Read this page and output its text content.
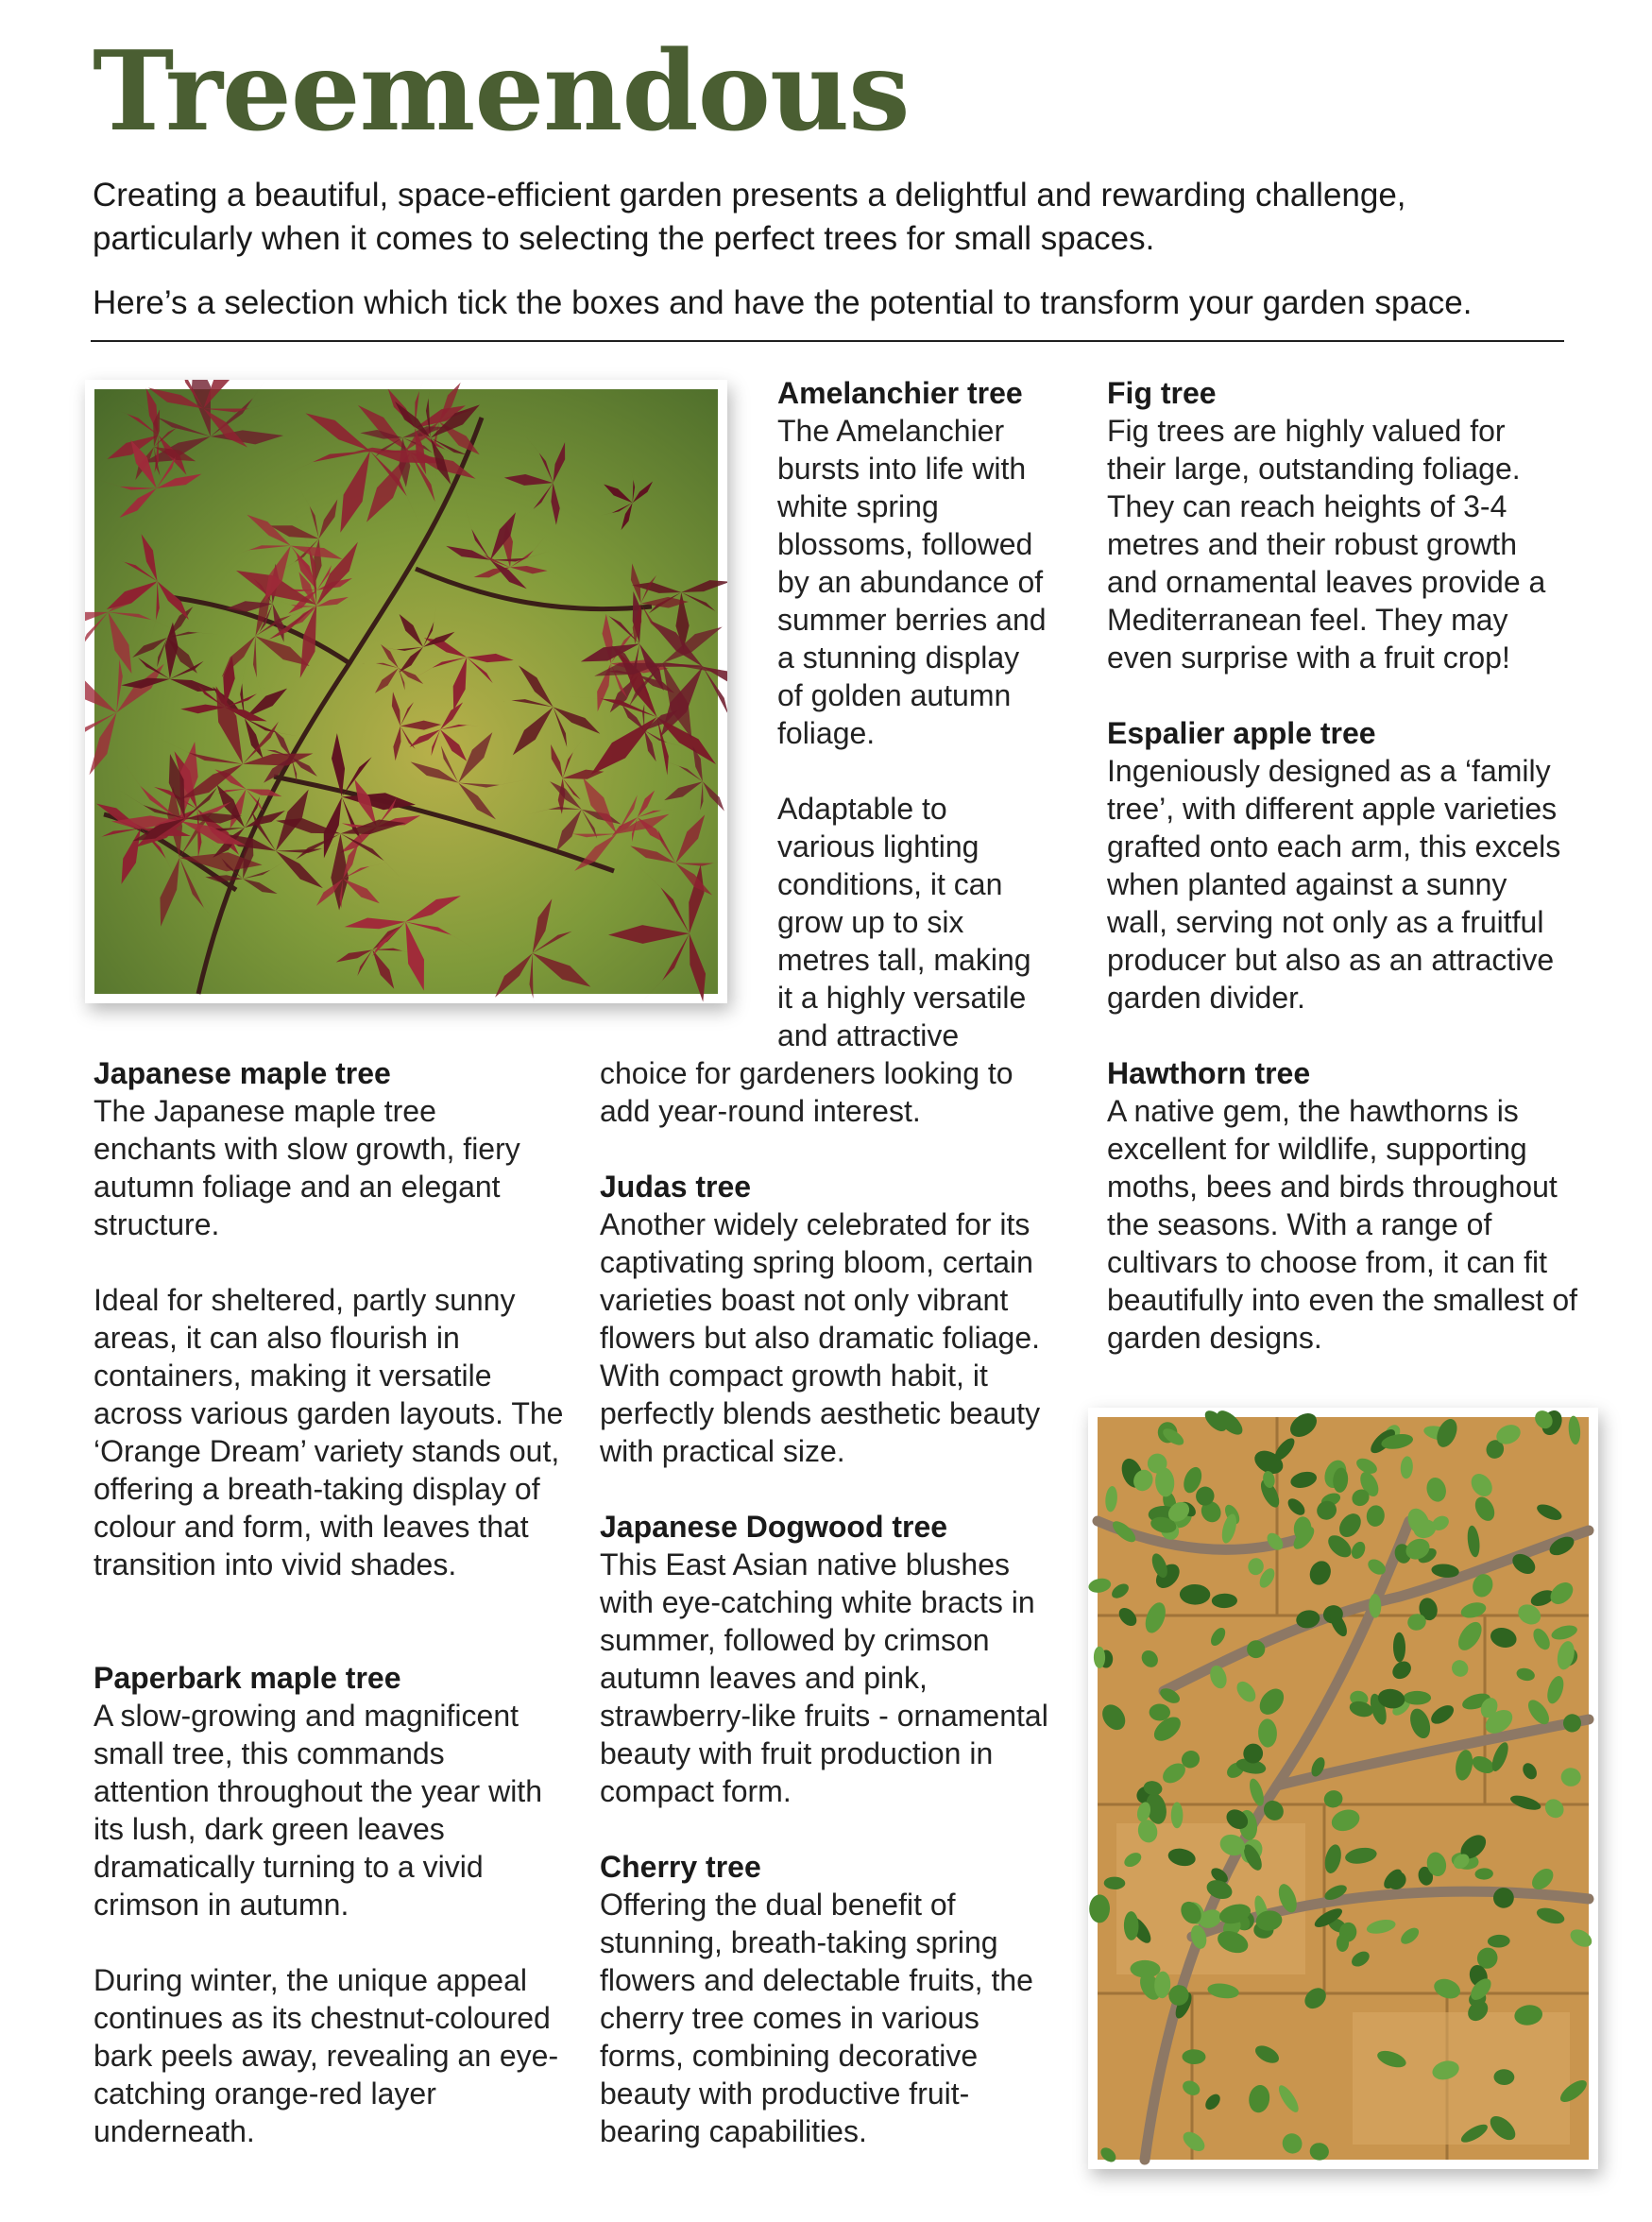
Treemendous

Creating a beautiful, space-efficient garden presents a delightful and rewarding challenge, particularly when it comes to selecting the perfect trees for small spaces.

Here’s a selection which tick the boxes and have the potential to transform your garden space.

Japanese maple tree

The Japanese maple tree enchants with slow growth, fiery autumn foliage and an elegant structure.

Ideal for sheltered, partly sunny areas, it can also flourish in containers, making it versatile across various garden layouts. The ‘Orange Dream’ variety stands out, offering a breath-taking display of colour and form, with leaves that transition into vivid shades.

Paperbark maple tree

A slow-growing and magnificent small tree, this commands attention throughout the year with its lush, dark green leaves dramatically turning to a vivid crimson in autumn.

During winter, the unique appeal continues as its chestnut-coloured bark peels away, revealing an eye-catching orange-red layer underneath.

Amelanchier tree

The Amelanchier bursts into life with white spring blossoms, followed by an abundance of summer berries and a stunning display of golden autumn foliage.

Adaptable to various lighting conditions, it can grow up to six metres tall, making it a highly versatile and attractive

choice for gardeners looking to add year-round interest.

Judas tree

Another widely celebrated for its captivating spring bloom, certain varieties boast not only vibrant flowers but also dramatic foliage. With compact growth habit, it perfectly blends aesthetic beauty with practical size.

Japanese Dogwood tree

This East Asian native blushes with eye-catching white bracts in summer, followed by crimson autumn leaves and pink, strawberry-like fruits - ornamental beauty with fruit production in compact form.

Cherry tree

Offering the dual benefit of stunning, breath-taking spring flowers and delectable fruits, the cherry tree comes in various forms, combining decorative beauty with productive fruit-bearing capabilities.

Fig tree

Fig trees are highly valued for their large, outstanding foliage. They can reach heights of 3-4 metres and their robust growth and ornamental leaves provide a Mediterranean feel. They may even surprise with a fruit crop!

Espalier apple tree

Ingeniously designed as a ‘family tree’, with different apple varieties grafted onto each arm, this excels when planted against a sunny wall, serving not only as a fruitful producer but also as an attractive garden divider.

Hawthorn tree

A native gem, the hawthorns is excellent for wildlife, supporting moths, bees and birds throughout the seasons. With a range of cultivars to choose from, it can fit beautifully into even the smallest of garden designs.
